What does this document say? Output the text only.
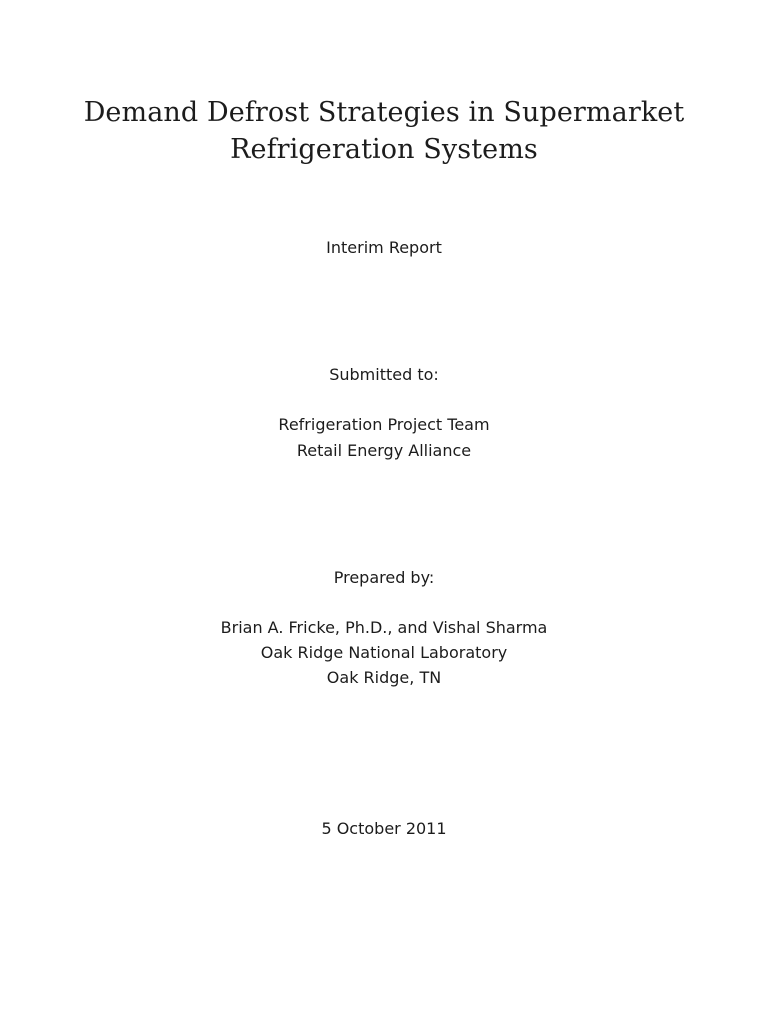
Demand Defrost Strategies in Supermarket
Refrigeration Systems
Interim Report
Submitted to:
Refrigeration Project Team
Retail Energy Alliance
Prepared by:
Brian A. Fricke, Ph.D., and Vishal Sharma
Oak Ridge National Laboratory
Oak Ridge, TN
5 October 2011
